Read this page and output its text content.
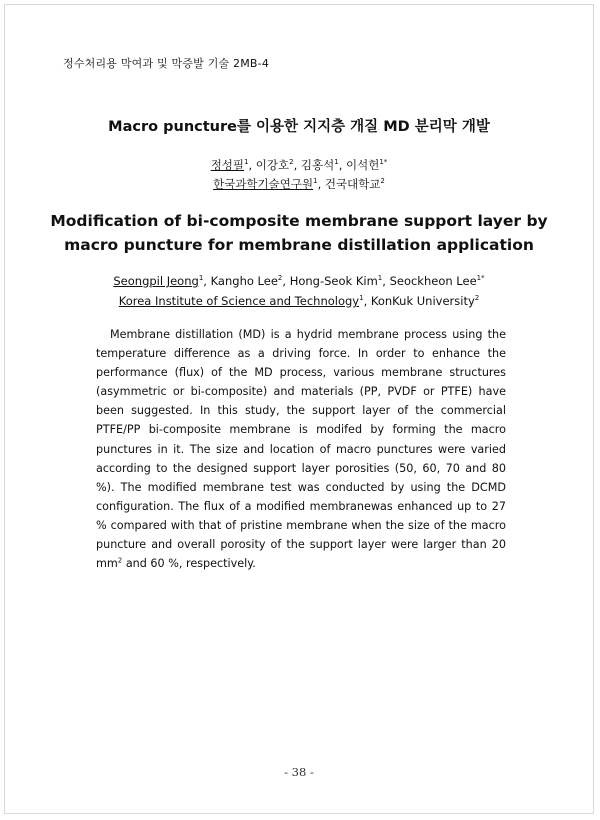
정수처리용 막여과 및 막증발 기술 2MB-4
Macro puncture를 이용한 지지층 개질 MD 분리막 개발
정성필$^1$, 이강호$^2$, 김홍석$^1$, 이석헌$^{1*}$
한국과학기술연구원$^1$, 건국대학교$^2$
Modification of bi-composite membrane support layer by
macro puncture for membrane distillation application
Seongpil Jeong$^1$, Kangho Lee$^2$, Hong-Seok Kim$^1$, Seockheon Lee$^{1*}$
Korea Institute of Science and Technology$^1$, KonKuk University$^2$

Membrane distillation (MD) is a hydrid membrane process using the temperature difference as a driving force. In order to enhance the performance (flux) of the MD process, various membrane structures (asymmetric or bi-composite) and materials (PP, PVDF or PTFE) have been suggested. In this study, the support layer of the commercial PTFE/PP bi-composite membrane is modifed by forming the macro punctures in it. The size and location of macro punctures were varied according to the designed support layer porosities (50, 60, 70 and 80 %). The modified membrane test was conducted by using the DCMD configuration. The flux of a modified membranewas enhanced up to 27 % compared with that of pristine membrane when the size of the macro puncture and overall porosity of the support layer were larger than 20 $mm^2$ and 60 %, respectively.

- 38 -
